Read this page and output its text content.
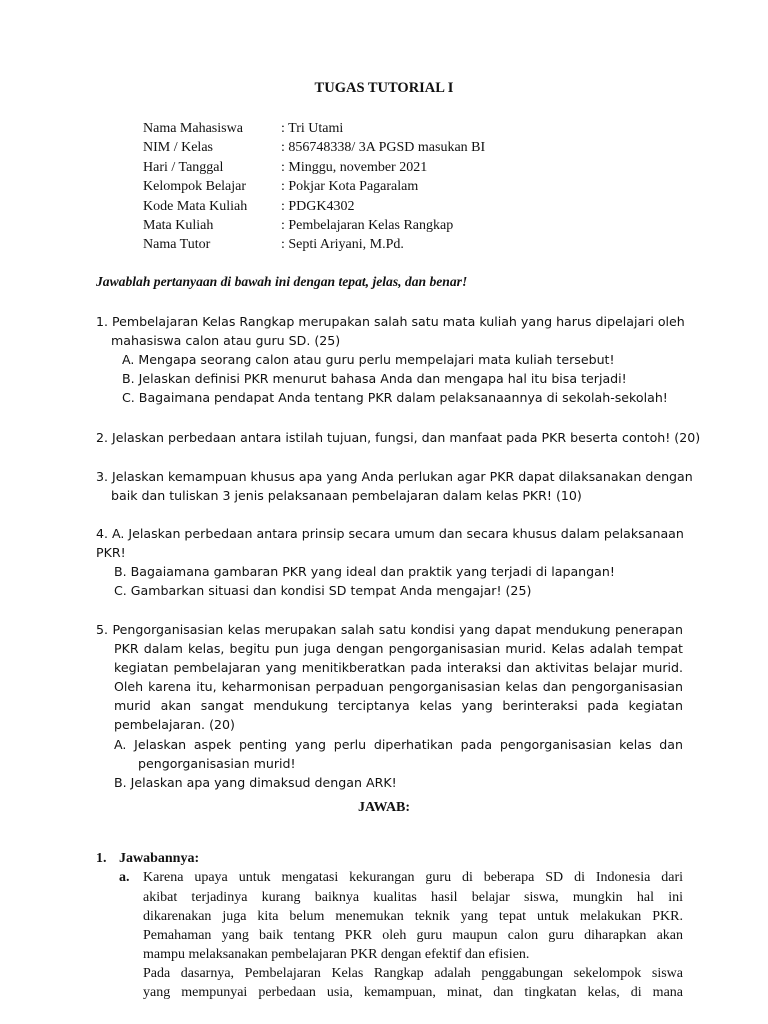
TUGAS TUTORIAL I
Nama Mahasiswa	: Tri Utami
NIM / Kelas	: 856748338/ 3A PGSD masukan BI
Hari / Tanggal	: Minggu, november 2021
Kelompok Belajar : Pokjar Kota Pagaralam
Kode Mata Kuliah : PDGK4302
Mata Kuliah	: Pembelajaran Kelas Rangkap
Nama Tutor	: Septi Ariyani, M.Pd.
Jawablah pertanyaan di bawah ini dengan tepat, jelas, dan benar!
1. Pembelajaran Kelas Rangkap merupakan salah satu mata kuliah yang harus dipelajari oleh
mahasiswa calon atau guru SD. (25)
A. Mengapa seorang calon atau guru perlu mempelajari mata kuliah tersebut!
B. Jelaskan definisi PKR menurut bahasa Anda dan mengapa hal itu bisa terjadi!
C. Bagaimana pendapat Anda tentang PKR dalam pelaksanaannya di sekolah-sekolah!
2. Jelaskan perbedaan antara istilah tujuan, fungsi, dan manfaat pada PKR beserta contoh! (20)
3. Jelaskan kemampuan khusus apa yang Anda perlukan agar PKR dapat dilaksanakan dengan
baik dan tuliskan 3 jenis pelaksanaan pembelajaran dalam kelas PKR! (10)
4. A. Jelaskan perbedaan antara prinsip secara umum dan secara khusus dalam pelaksanaan
PKR!
B. Bagaiamana gambaran PKR yang ideal dan praktik yang terjadi di lapangan!
C. Gambarkan situasi dan kondisi SD tempat Anda mengajar! (25)
5. Pengorganisasian kelas merupakan salah satu kondisi yang dapat mendukung penerapan
PKR dalam kelas, begitu pun juga dengan pengorganisasian murid. Kelas adalah tempat
kegiatan pembelajaran yang menitikberatkan pada interaksi dan aktivitas belajar murid.
Oleh karena itu, keharmonisan perpaduan pengorganisasian kelas dan pengorganisasian
murid akan sangat mendukung terciptanya kelas yang berinteraksi pada kegiatan
pembelajaran. (20)
A. Jelaskan aspek penting yang perlu diperhatikan pada pengorganisasian kelas dan
pengorganisasian murid!
B. Jelaskan apa yang dimaksud dengan ARK!
JAWAB:
1. Jawabannya:
a. Karena upaya untuk mengatasi kekurangan guru di beberapa SD di Indonesia dari
akibat terjadinya kurang baiknya kualitas hasil belajar siswa, mungkin hal ini
dikarenakan juga kita belum menemukan teknik yang tepat untuk melakukan PKR.
Pemahaman yang baik tentang PKR oleh guru maupun calon guru diharapkan akan
mampu melaksanakan pembelajaran PKR dengan efektif dan efisien.
Pada dasarnya, Pembelajaran Kelas Rangkap adalah penggabungan sekelompok siswa
yang mempunyai perbedaan usia, kemampuan, minat, dan tingkatan kelas, di mana
